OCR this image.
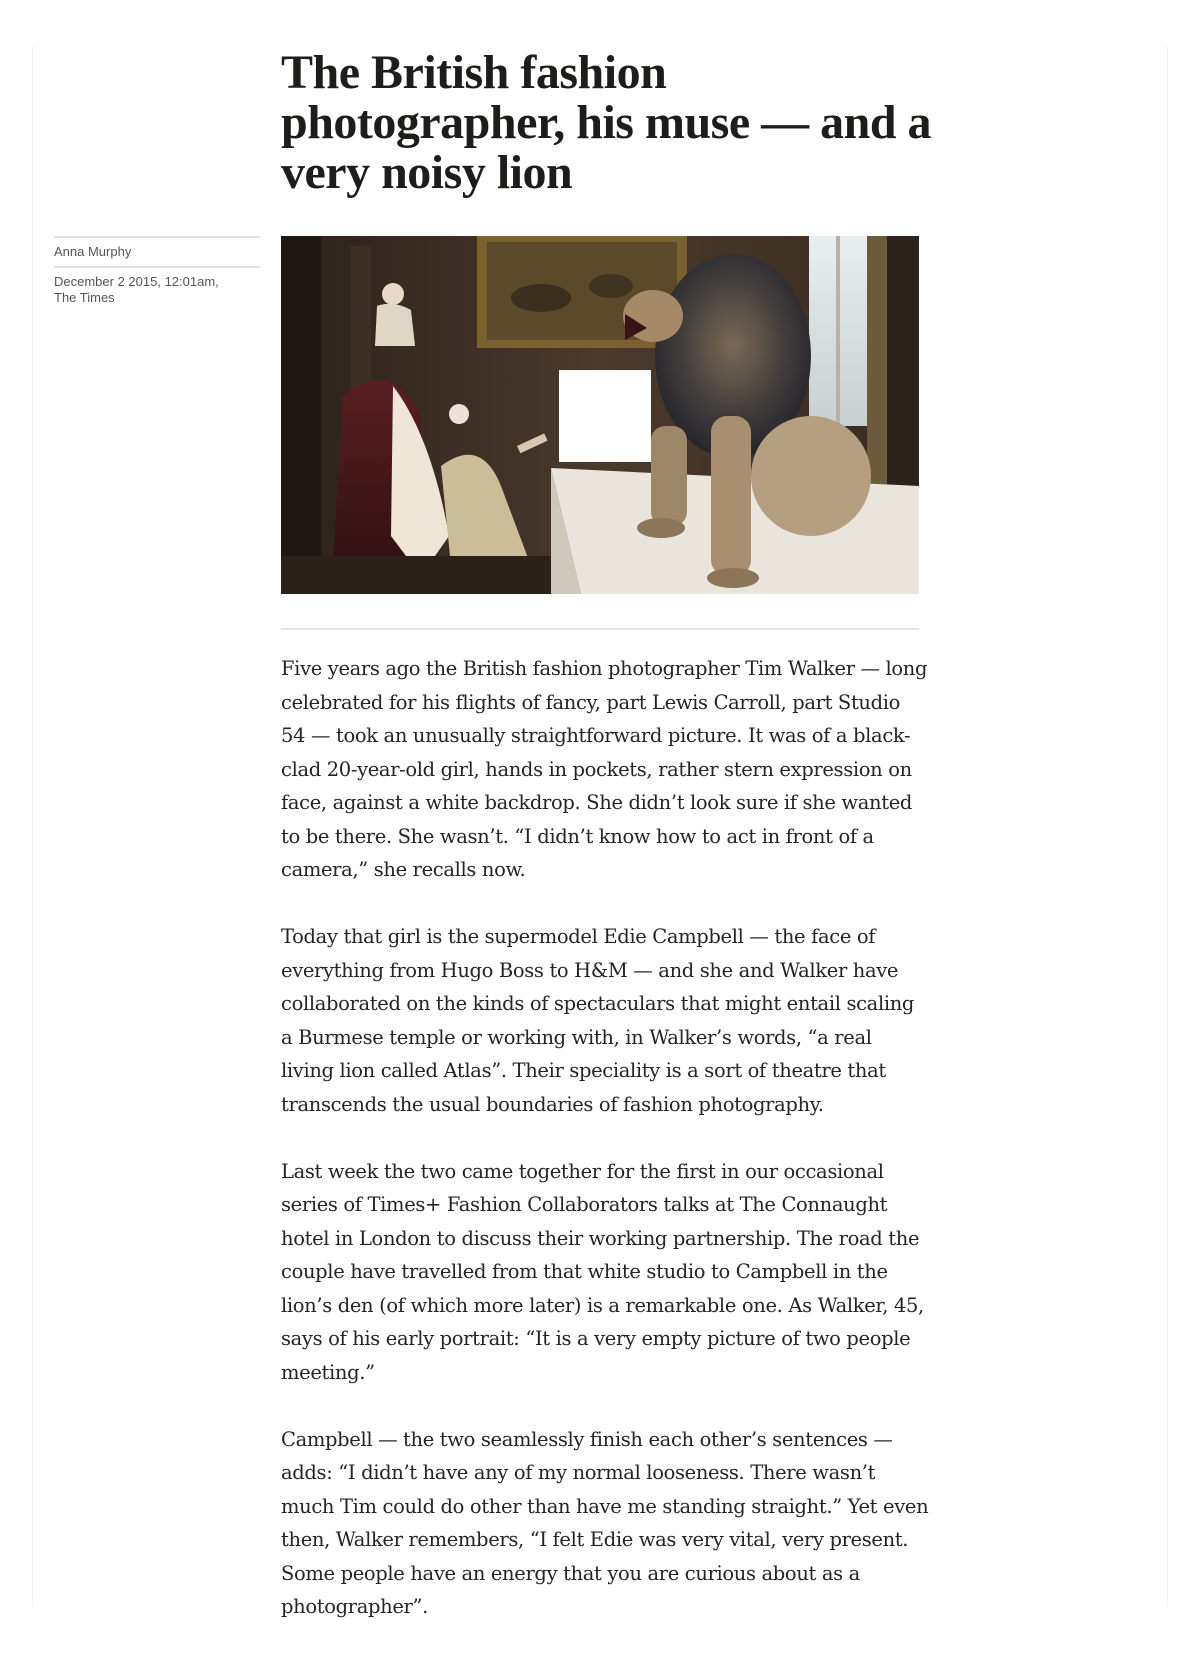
The British fashion photographer, his muse — and a very noisy lion
Anna Murphy
December 2 2015, 12:01am,
The Times

Five years ago the British fashion photographer Tim Walker — long celebrated for his flights of fancy, part Lewis Carroll, part Studio 54 — took an unusually straightforward picture. It was of a black-clad 20-year-old girl, hands in pockets, rather stern expression on face, against a white backdrop. She didn’t look sure if she wanted to be there. She wasn’t. “I didn’t know how to act in front of a camera,” she recalls now.

Today that girl is the supermodel Edie Campbell — the face of everything from Hugo Boss to H&M — and she and Walker have collaborated on the kinds of spectaculars that might entail scaling a Burmese temple or working with, in Walker’s words, “a real living lion called Atlas”. Their speciality is a sort of theatre that transcends the usual boundaries of fashion photography.

Last week the two came together for the first in our occasional series of Times+ Fashion Collaborators talks at The Connaught hotel in London to discuss their working partnership. The road the couple have travelled from that white studio to Campbell in the lion’s den (of which more later) is a remarkable one. As Walker, 45, says of his early portrait: “It is a very empty picture of two people meeting.”

Campbell — the two seamlessly finish each other’s sentences — adds: “I didn’t have any of my normal looseness. There wasn’t much Tim could do other than have me standing straight.” Yet even then, Walker remembers, “I felt Edie was very vital, very present. Some people have an energy that you are curious about as a photographer”.
